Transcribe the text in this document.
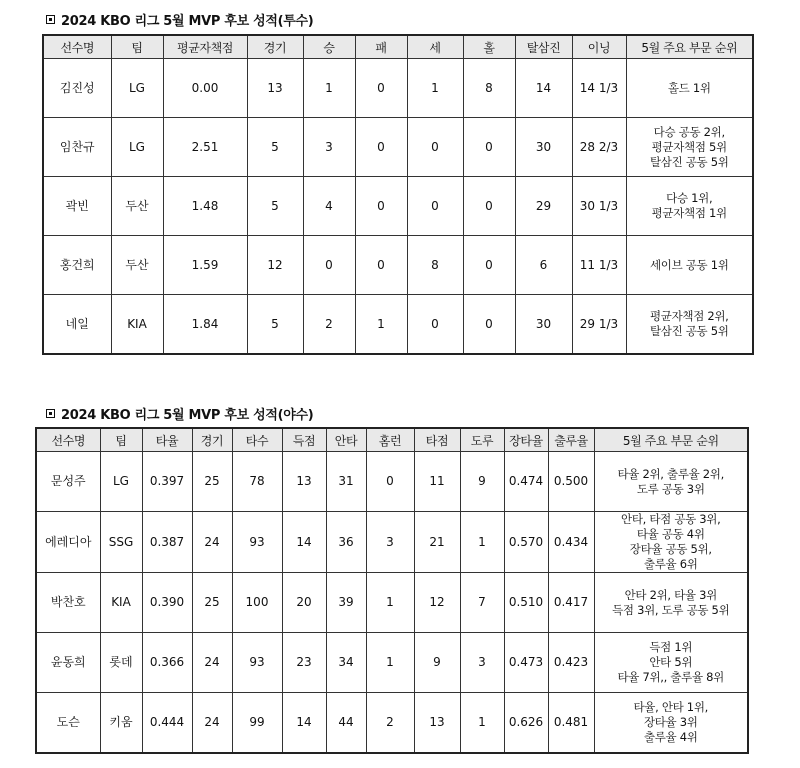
2024 KBO 리그 5월 MVP 후보 성적(투수)
선수명	팀	평균자책점	경기	승	패	세	홀	탈삼진	이닝	5월 주요 부문 순위
김진성	LG	0.00	13	1	0	1	8	14	14 1/3	홀드 1위
임찬규	LG	2.51	5	3	0	0	0	30	28 2/3	다승 공동 2위,
평균자책점 5위
탈삼진 공동 5위
곽빈	두산	1.48	5	4	0	0	0	29	30 1/3	다승 1위,
평균자책점 1위
홍건희	두산	1.59	12	0	0	8	0	6	11 1/3	세이브 공동 1위
네일	KIA	1.84	5	2	1	0	0	30	29 1/3	평균자책점 2위,
탈삼진 공동 5위
2024 KBO 리그 5월 MVP 후보 성적(야수)
선수명	팀	타율	경기	타수	득점	안타	홈런	타점	도루	장타율	출루율	5월 주요 부문 순위
문성주	LG	0.397	25	78	13	31	0	11	9	0.474	0.500	타율 2위, 출루율 2위,
도루 공동 3위
에레디아	SSG	0.387	24	93	14	36	3	21	1	0.570	0.434	안타, 타점 공동 3위,
타율 공동 4위
장타율 공동 5위,
출루율 6위
박찬호	KIA	0.390	25	100	20	39	1	12	7	0.510	0.417	안타 2위, 타율 3위
득점 3위, 도루 공동 5위
윤동희	롯데	0.366	24	93	23	34	1	9	3	0.473	0.423	득점 1위
안타 5위
타율 7위,, 출루율 8위
도슨	키움	0.444	24	99	14	44	2	13	1	0.626	0.481	타율, 안타 1위,
장타율 3위
출루율 4위
